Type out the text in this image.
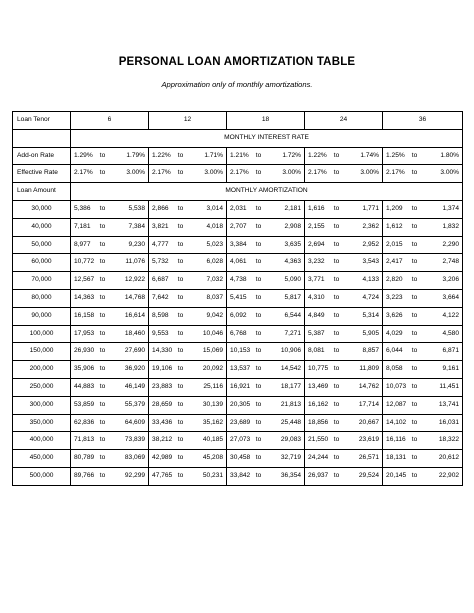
PERSONAL LOAN AMORTIZATION TABLE
Approximation only of monthly amortizations.
Loan Tenor	6			12			18			24			36		
	MONTHLY INTEREST RATE														
Add-on Rate	1.29%	to	1.79%	1.22%	to	1.71%	1.21%	to	1.72%	1.22%	to	1.74%	1.25%	to	1.80%
Effective Rate	2.17%	to	3.00%	2.17%	to	3.00%	2.17%	to	3.00%	2.17%	to	3.00%	2.17%	to	3.00%
Loan Amount	MONTHLY AMORTIZATION														
30,000	5,386	to	5,538	2,866	to	3,014	2,031	to	2,181	1,616	to	1,771	1,209	to	1,374
40,000	7,181	to	7,384	3,821	to	4,018	2,707	to	2,908	2,155	to	2,362	1,612	to	1,832
50,000	8,977	to	9,230	4,777	to	5,023	3,384	to	3,635	2,694	to	2,952	2,015	to	2,290
60,000	10,772	to	11,076	5,732	to	6,028	4,061	to	4,363	3,232	to	3,543	2,417	to	2,748
70,000	12,567	to	12,922	6,687	to	7,032	4,738	to	5,090	3,771	to	4,133	2,820	to	3,206
80,000	14,363	to	14,768	7,642	to	8,037	5,415	to	5,817	4,310	to	4,724	3,223	to	3,664
90,000	16,158	to	16,614	8,598	to	9,042	6,092	to	6,544	4,849	to	5,314	3,626	to	4,122
100,000	17,953	to	18,460	9,553	to	10,046	6,768	to	7,271	5,387	to	5,905	4,029	to	4,580
150,000	26,930	to	27,690	14,330	to	15,069	10,153	to	10,906	8,081	to	8,857	6,044	to	6,871
200,000	35,906	to	36,920	19,106	to	20,092	13,537	to	14,542	10,775	to	11,809	8,058	to	9,161
250,000	44,883	to	46,149	23,883	to	25,116	16,921	to	18,177	13,469	to	14,762	10,073	to	11,451
300,000	53,859	to	55,379	28,659	to	30,139	20,305	to	21,813	16,162	to	17,714	12,087	to	13,741
350,000	62,836	to	64,609	33,436	to	35,162	23,689	to	25,448	18,856	to	20,667	14,102	to	16,031
400,000	71,813	to	73,839	38,212	to	40,185	27,073	to	29,083	21,550	to	23,619	16,116	to	18,322
450,000	80,789	to	83,069	42,989	to	45,208	30,458	to	32,719	24,244	to	26,571	18,131	to	20,612
500,000	89,766	to	92,299	47,765	to	50,231	33,842	to	36,354	26,937	to	29,524	20,145	to	22,902
